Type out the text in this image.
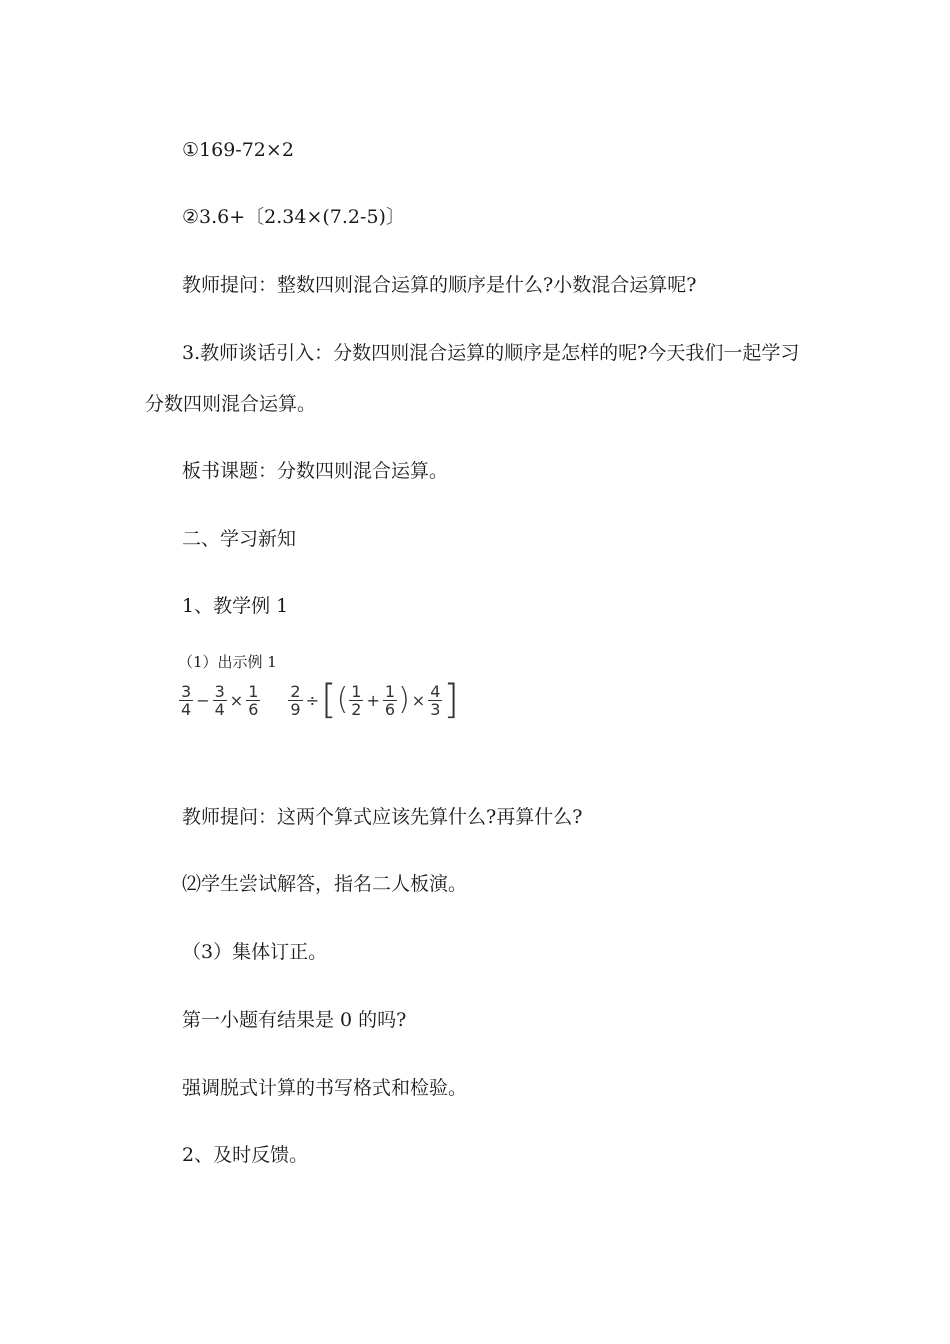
①169-72×2

②3.6+〔2.34×(7.2-5)〕

教师提问：整数四则混合运算的顺序是什么?小数混合运算呢?

3.教师谈话引入：分数四则混合运算的顺序是怎样的呢?今天我们一起学习

分数四则混合运算。

板书课题：分数四则混合运算。

二、学习新知

1、教学例 1

（1）出示例 1
$\frac{3}{4} - \frac{3}{4} \times \frac{1}{6} \frac{2}{9}$ ÷ [ ( $\frac{1}{2} + \frac{1}{6}$ ) × $\frac{4}{3}$ ]

教师提问：这两个算式应该先算什么?再算什么?

⑵学生尝试解答，指名二人板演。

（3）集体订正。

第一小题有结果是 0 的吗?

强调脱式计算的书写格式和检验。

2、及时反馈。
